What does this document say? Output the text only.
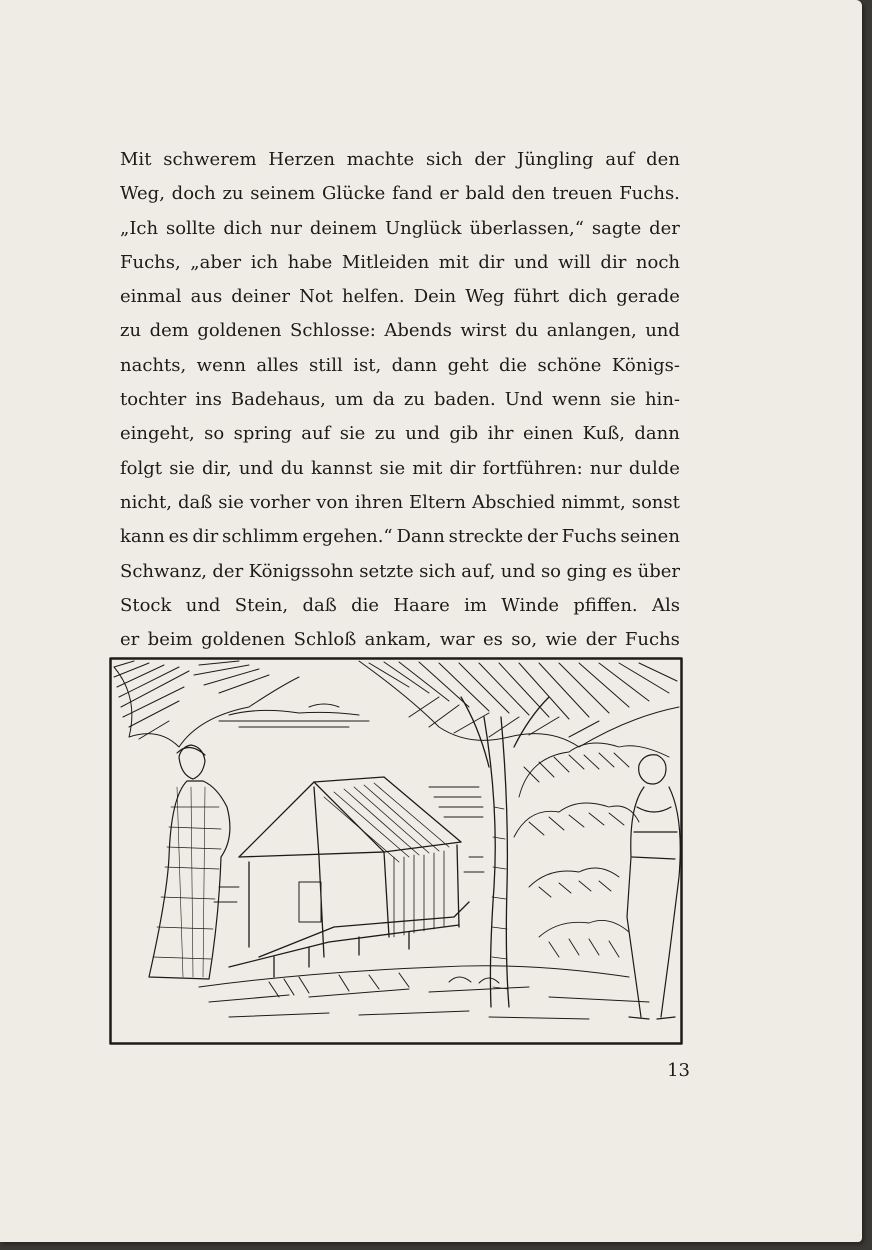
Mit schwerem Herzen machte sich der Jüngling auf den
Weg, doch zu seinem Glücke fand er bald den treuen Fuchs.
„Ich sollte dich nur deinem Unglück überlassen,“ sagte der
Fuchs, „aber ich habe Mitleiden mit dir und will dir noch
einmal aus deiner Not helfen. Dein Weg führt dich gerade
zu dem goldenen Schlosse: Abends wirst du anlangen, und
nachts, wenn alles still ist, dann geht die schöne Königs-
tochter ins Badehaus, um da zu baden. Und wenn sie hin-
eingeht, so spring auf sie zu und gib ihr einen Kuß, dann
folgt sie dir, und du kannst sie mit dir fortführen: nur dulde
nicht, daß sie vorher von ihren Eltern Abschied nimmt, sonst
kann es dir schlimm ergehen.“ Dann streckte der Fuchs seinen
Schwanz, der Königssohn setzte sich auf, und so ging es über
Stock und Stein, daß die Haare im Winde pfiffen. Als
er beim goldenen Schloß ankam, war es so, wie der Fuchs
13
